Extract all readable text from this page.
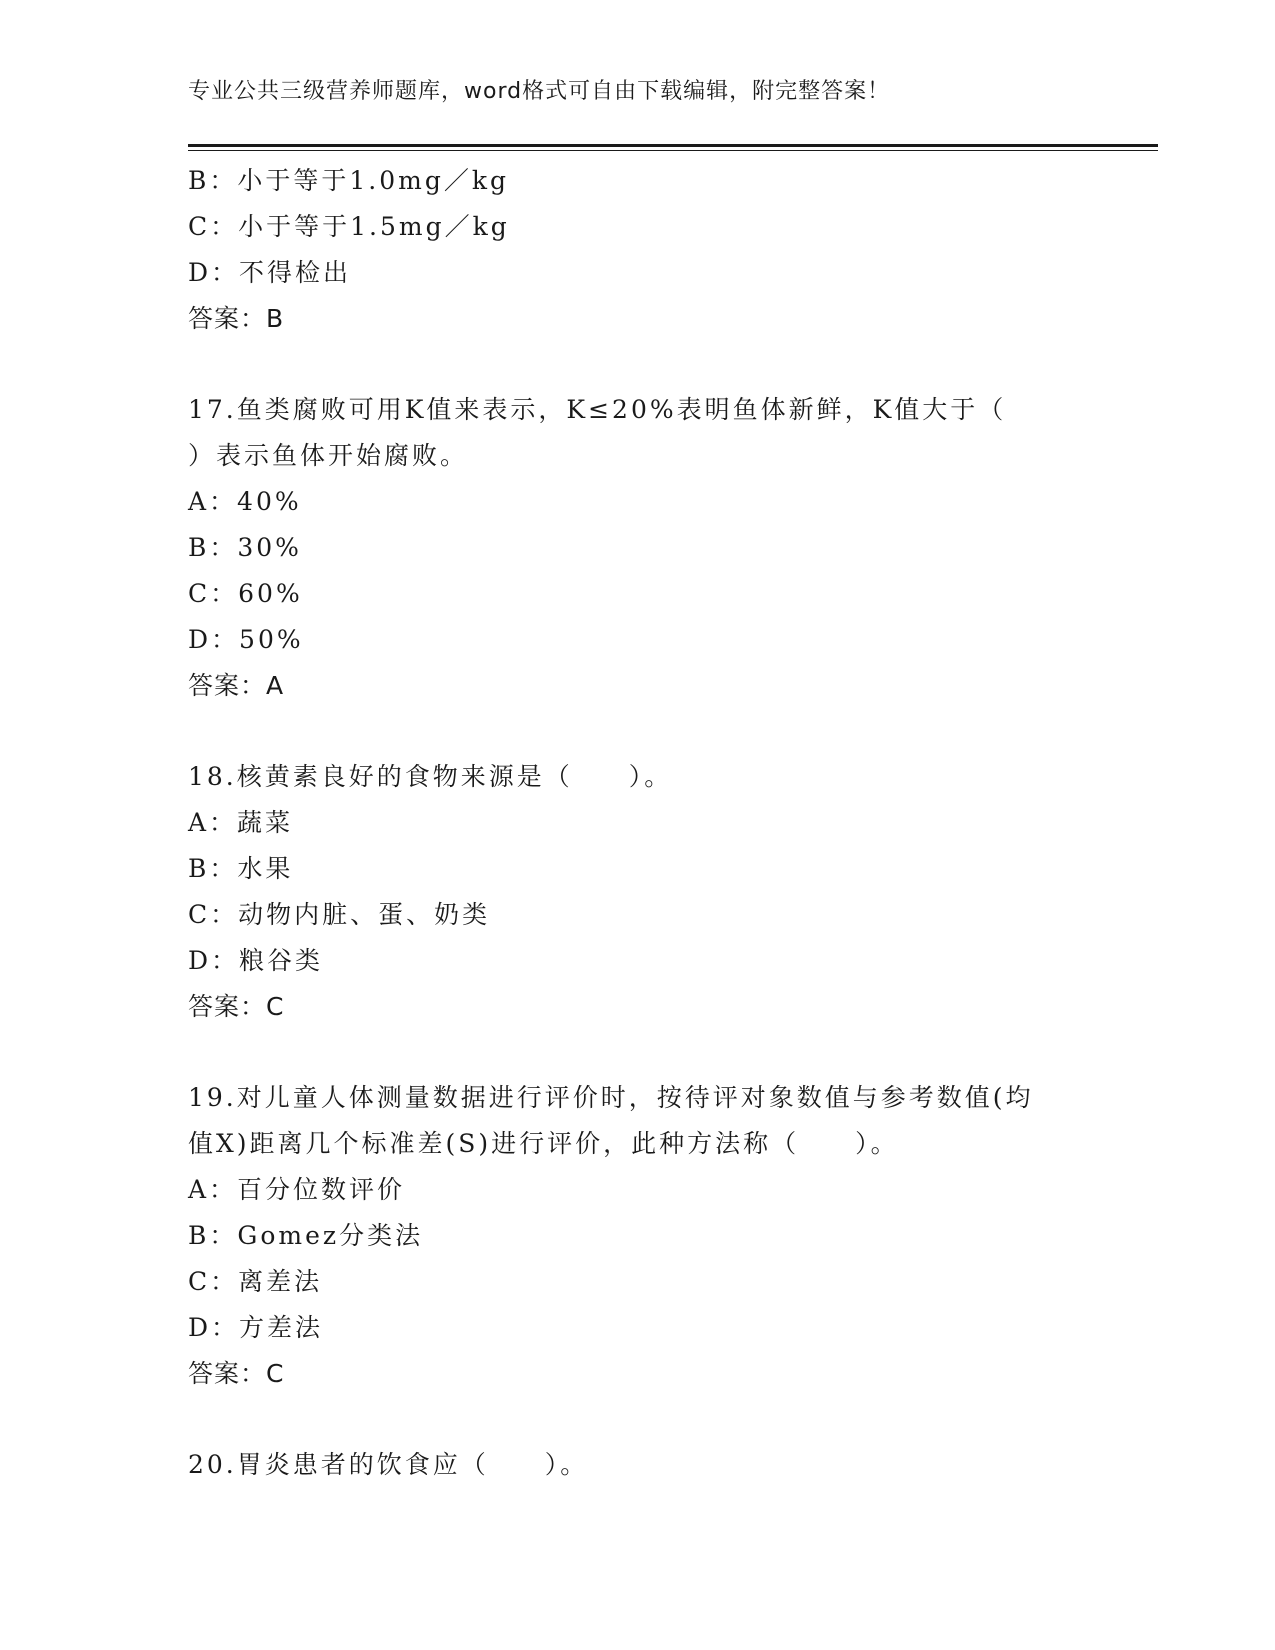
专业公共三级营养师题库，word格式可自由下载编辑，附完整答案！
B：小于等于1.0mg／kg
C：小于等于1.5mg／kg
D：不得检出
答案：B
17.鱼类腐败可用K值来表示，K≤20%表明鱼体新鲜，K值大于（
）表示鱼体开始腐败。
A：40%
B：30%
C：60%
D：50%
答案：A
18.核黄素良好的食物来源是（　　）。
A：蔬菜
B：水果
C：动物内脏、蛋、奶类
D：粮谷类
答案：C
19.对儿童人体测量数据进行评价时，按待评对象数值与参考数值(均
值X)距离几个标准差(S)进行评价，此种方法称（　　）。
A：百分位数评价
B：Gomez分类法
C：离差法
D：方差法
答案：C
20.胃炎患者的饮食应（　　）。
